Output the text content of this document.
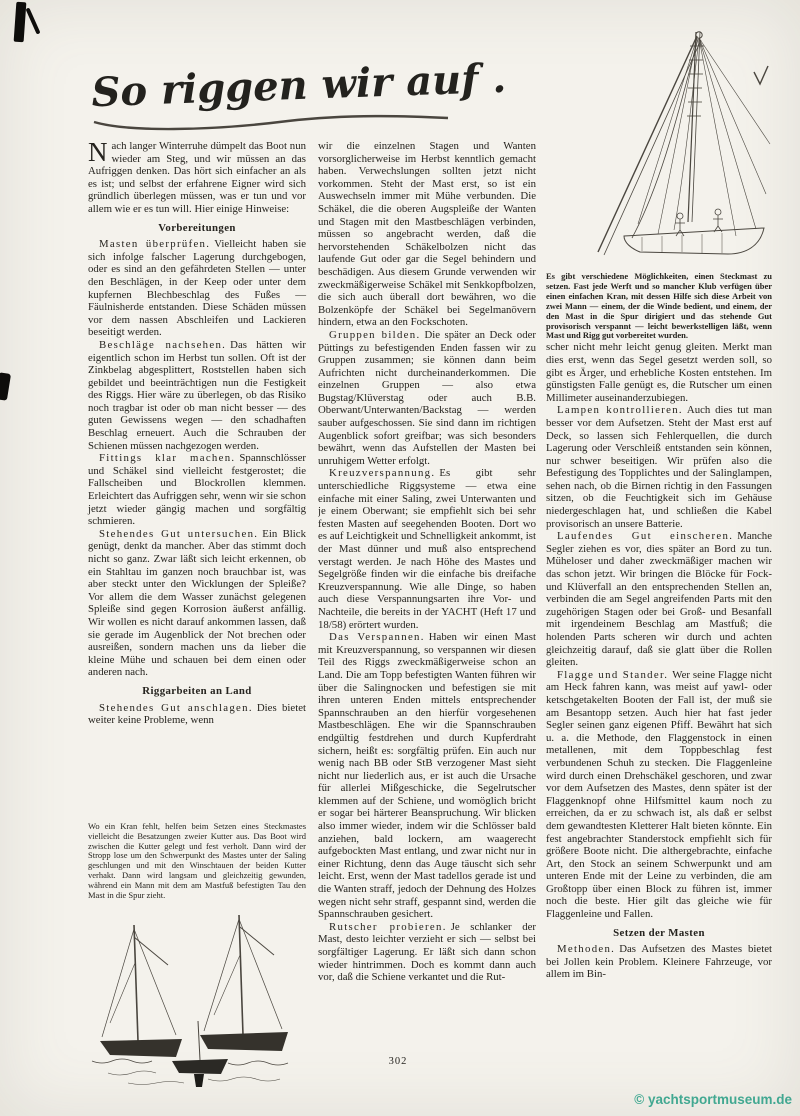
So riggen wir auf ...

Nach langer Winterruhe dümpelt das Boot nun wieder am Steg, und wir müssen an das Aufriggen denken. Das hört sich einfacher an als es ist; und selbst der erfahrene Eigner wird sich gründlich überlegen müssen, was er tun und vor allem wie er es tun will. Hier einige Hinweise:

Vorbereitungen

Masten überprüfen. Vielleicht haben sie sich infolge falscher Lagerung durchgebogen, oder es sind an den gefährdeten Stellen — unter den Beschlägen, in der Keep oder unter dem kupfernen Blechbeschlag des Fußes — Fäulnisherde entstanden. Diese Schäden müssen vor dem nassen Abschleifen und Lackieren beseitigt werden.

Beschläge nachsehen. Das hätten wir eigentlich schon im Herbst tun sollen. Oft ist der Zinkbelag abgesplittert, Roststellen haben sich gebildet und beeinträchtigen nun die Festigkeit des Riggs. Hier wäre zu überlegen, ob das Risiko noch tragbar ist oder ob man nicht besser — des guten Gewissens wegen — den schadhaften Beschlag erneuert. Auch die Schrauben der Schienen müssen nachgezogen werden.

Fittings klar machen. Spannschlösser und Schäkel sind vielleicht festgerostet; die Fallscheiben und Blockrollen klemmen. Erleichtert das Aufriggen sehr, wenn wir sie schon jetzt wieder gängig machen und sorgfältig schmieren.

Stehendes Gut untersuchen. Ein Blick genügt, denkt da mancher. Aber das stimmt doch nicht so ganz. Zwar läßt sich leicht erkennen, ob ein Stahltau im ganzen noch brauchbar ist, was aber steckt unter den Wicklungen der Spleiße? Vor allem die dem Wasser zunächst gelegenen Spleiße sind gegen Korrosion äußerst anfällig. Wir wollen es nicht darauf ankommen lassen, daß sie gerade im Augenblick der Not brechen oder ausreißen, sondern machen uns da lieber die kleine Mühe und schauen bei dem einen oder anderen nach.

Riggarbeiten an Land

Stehendes Gut anschlagen. Dies bietet weiter keine Probleme, wenn

Wo ein Kran fehlt, helfen beim Setzen eines Steckmastes vielleicht die Besatzungen zweier Kutter aus. Das Boot wird zwischen die Kutter gelegt und fest verholt. Dann wird der Stropp lose um den Schwerpunkt des Mastes unter der Saling geschlungen und mit den Winschtauen der beiden Kutter verhakt. Dann wird langsam und gleichzeitig gewunden, während ein Mann mit dem am Mastfuß befestigten Tau den Mast in die Spur zieht.

wir die einzelnen Stagen und Wanten vorsorglicherweise im Herbst kenntlich gemacht haben. Verwechslungen sollten jetzt nicht vorkommen. Steht der Mast erst, so ist ein Auswechseln immer mit Mühe verbunden. Die Schäkel, die die oberen Augspleiße der Wanten und Stagen mit den Mastbeschlägen verbinden, müssen so angebracht werden, daß die hervorstehenden Schäkelbolzen nicht das laufende Gut oder gar die Segel behindern und beschädigen. Aus diesem Grunde verwenden wir zweckmäßigerweise Schäkel mit Senkkopfbolzen, die sich auch überall dort bewähren, wo die Bolzenköpfe der Schäkel bei Segelmanövern hindern, etwa an den Fockschoten.

Gruppen bilden. Die später an Deck oder Püttings zu befestigenden Enden fassen wir zu Gruppen zusammen; sie können dann beim Aufrichten nicht durcheinanderkommen. Die einzelnen Gruppen — also etwa Bugstag/Klüverstag oder auch B.B. Oberwant/Unterwanten/Backstag — werden sauber aufgeschossen. Sie sind dann im richtigen Augenblick sofort greifbar; was sich besonders bewährt, wenn das Aufstellen der Masten bei unruhigem Wetter erfolgt.

Kreuzverspannung. Es gibt sehr unterschiedliche Riggsysteme — etwa eine einfache mit einer Saling, zwei Unterwanten und je einem Oberwant; sie empfiehlt sich bei sehr festen Masten auf seegehenden Booten. Dort wo es auf Leichtigkeit und Schnelligkeit ankommt, ist der Mast dünner und muß also entsprechend verstagt werden. Je nach Höhe des Mastes und Segelgröße finden wir die einfache bis dreifache Kreuzverspannung. Wie alle Dinge, so haben auch diese Verspannungsarten ihre Vor- und Nachteile, die bereits in der YACHT (Heft 17 und 18/58) erörtert wurden.

Das Verspannen. Haben wir einen Mast mit Kreuzverspannung, so verspannen wir diesen Teil des Riggs zweckmäßigerweise schon an Land. Die am Topp befestigten Wanten führen wir über die Salingnocken und befestigen sie mit ihren unteren Enden mittels entsprechender Spannschrauben an den hierfür vorgesehenen Mastbeschlägen. Ehe wir die Spannschrauben endgültig festdrehen und durch Kupferdraht sichern, heißt es: sorgfältig prüfen. Ein auch nur wenig nach BB oder StB verzogener Mast sieht nicht nur liederlich aus, er ist auch die Ursache für allerlei Mißgeschicke, die Segelrutscher klemmen auf der Schiene, und womöglich bricht er sogar bei härterer Beanspruchung. Wir blicken also immer wieder, indem wir die Schlösser bald anziehen, bald lockern, am waagerecht aufgebockten Mast entlang, und zwar nicht nur in einer Richtung, denn das Auge täuscht sich sehr leicht. Erst, wenn der Mast tadellos gerade ist und die Wanten straff, jedoch der Dehnung des Holzes wegen nicht sehr straff, gespannt sind, werden die Spannschrauben gesichert.

Rutscher probieren. Je schlanker der Mast, desto leichter verzieht er sich — selbst bei sorgfältiger Lagerung. Er läßt sich dann schon wieder hintrimmen. Doch es kommt dann auch vor, daß die Schiene verkantet und die Rut-

Es gibt verschiedene Möglichkeiten, einen Steckmast zu setzen. Fast jede Werft und so mancher Klub verfügen über einen einfachen Kran, mit dessen Hilfe sich diese Arbeit von zwei Mann — einem, der die Winde bedient, und einem, der den Mast in die Spur dirigiert und das stehende Gut provisorisch verspannt — leicht bewerkstelligen läßt, wenn Mast und Rigg gut vorbereitet wurden.

scher nicht mehr leicht genug gleiten. Merkt man dies erst, wenn das Segel gesetzt werden soll, so gibt es Ärger, und erhebliche Kosten entstehen. Im günstigsten Falle genügt es, die Rutscher um einen Millimeter auseinanderzubiegen.

Lampen kontrollieren. Auch dies tut man besser vor dem Aufsetzen. Steht der Mast erst auf Deck, so lassen sich Fehlerquellen, die durch Lagerung oder Verschleiß entstanden sein können, nur schwer beseitigen. Wir prüfen also die Befestigung des Topplichtes und der Salinglampen, sehen nach, ob die Birnen richtig in den Fassungen sitzen, ob die Feuchtigkeit sich im Gehäuse niedergeschlagen hat, und schließen die Kabel provisorisch an unsere Batterie.

Laufendes Gut einscheren. Manche Segler ziehen es vor, dies später an Bord zu tun. Müheloser und daher zweckmäßiger machen wir das schon jetzt. Wir bringen die Blöcke für Fock- und Klüverfall an den entsprechenden Stellen an, verbinden die am Segel angreifenden Parts mit den zugehörigen Stagen oder bei Groß- und Besanfall mit irgendeinem Beschlag am Mastfuß; die holenden Parts scheren wir durch und achten gleichzeitig darauf, daß sie glatt über die Rollen gleiten.

Flagge und Stander. Wer seine Flagge nicht am Heck fahren kann, was meist auf yawl- oder ketschgetakelten Booten der Fall ist, der muß sie am Besantopp setzen. Auch hier hat fast jeder Segler seinen ganz eigenen Pfiff. Bewährt hat sich u. a. die Methode, den Flaggenstock in einen metallenen, mit dem Toppbeschlag fest verbundenen Schuh zu stecken. Die Flaggenleine wird durch einen Drehschäkel geschoren, und zwar vor dem Aufsetzen des Mastes, denn später ist der Flaggenknopf ohne Hilfsmittel kaum noch zu erreichen, da er zu schwach ist, als daß er selbst dem gewandtesten Kletterer Halt bieten könnte. Ein fest angebrachter Standerstock empfiehlt sich für größere Boote nicht. Die althergebrachte, einfache Art, den Stock an seinem Schwerpunkt und am unteren Ende mit der Leine zu verbinden, die am Großtopp über einen Block zu führen ist, immer noch die beste. Hier gilt das gleiche wie für Flaggenleine und Fallen.

Setzen der Masten

Methoden. Das Aufsetzen des Mastes bietet bei Jollen kein Problem. Kleinere Fahrzeuge, vor allem im Bin-

302
© yachtsportmuseum.de
